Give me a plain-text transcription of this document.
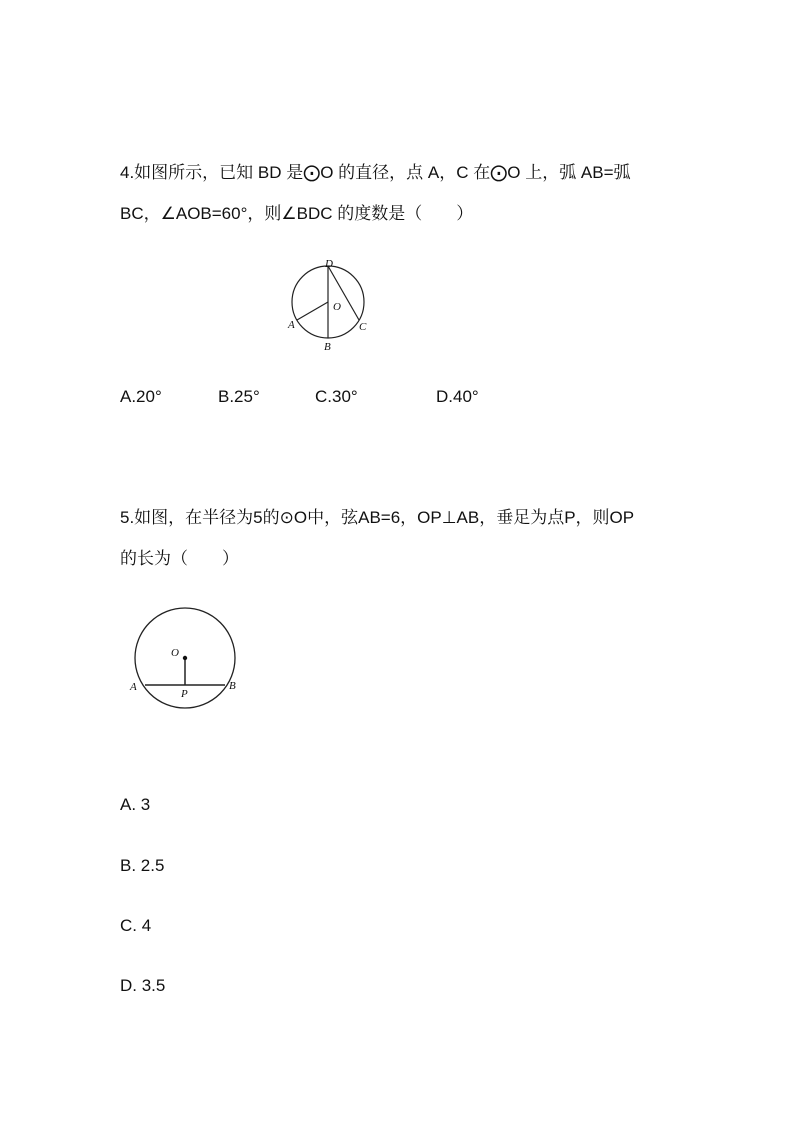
4.如图所示，已知 BD 是⨀O 的直径，点 A，C 在⨀O 上，弧 AB=弧

BC，∠AOB=60°，则∠BDC 的度数是（　　）

D
O
A	C
B
A.20°	B.25°	C.30°	D.40°

5.如图，在半径为5的⊙O中，弦AB=6，OP⊥AB，垂足为点P，则OP

的长为（　　）

O
A	B
P
A. 3
B. 2.5
C. 4
D. 3.5
